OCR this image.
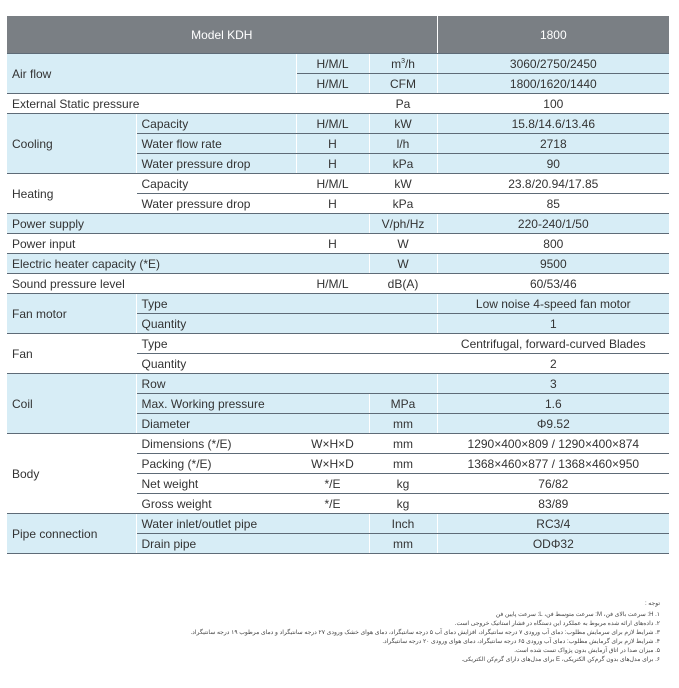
Model KDH				1800
Air flow		H/M/L	$m^3/h$	3060/2750/2450
		H/M/L	CFM	1800/1620/1440
External Static pressure			Pa	100
Cooling	Capacity	H/M/L	kW	15.8/14.6/13.46
	Water flow rate	H	l/h	2718
	Water pressure drop	H	kPa	90
Heating	Capacity	H/M/L	kW	23.8/20.94/17.85
	Water pressure drop	H	kPa	85
Power supply			V/ph/Hz	220-240/1/50
Power input		H	W	800
Electric heater capacity (*E)			W	9500
Sound pressure level		H/M/L	dB(A)	60/53/46
Fan motor	Type			Low noise 4-speed fan motor
	Quantity			1
Fan	Type			Centrifugal, forward-curved Blades
	Quantity			2
Coil	Row			3
	Max. Working pressure		MPa	1.6
	Diameter		mm	Φ9.52
Body	Dimensions (*/E)	W×H×D	mm	1290×400×809 / 1290×400×874
	Packing (*/E)	W×H×D	mm	1368×460×877 / 1368×460×950
	Net weight	*/E	kg	76/82
	Gross weight	*/E	kg	83/89
Pipe connection	Water inlet/outlet pipe		Inch	RC3/4
	Drain pipe		mm	ODΦ32
توجه :
۱. H: سرعت بالای فن، M: سرعت متوسط فن، L: سرعت پایین فن
۲. داده‌های ارائه شده مربوط به عملکرد این دستگاه در فشار استاتیک خروجی است.
۳. شرایط لازم برای سرمایش مطلوب: دمای آب ورودی ۷ درجه سانتیگراد، افزایش دمای آب ۵ درجه سانتیگراد، دمای هوای خشک ورودی ۲۷ درجه سانتیگراد و دمای مرطوب ۱۹ درجه سانتیگراد.
۴. شرایط لازم برای گرمایش مطلوب: دمای آب ورودی ۶۵ درجه سانتیگراد، دمای هوای ورودی ۲۰ درجه سانتیگراد.
۵. میزان صدا در اتاق آزمایش بدون پژواک تست شده است.
۶. برای مدل‌های بدون گرم‌کن الکتریکی، E برای مدل‌های دارای گرم‌کن الکتریکی.
